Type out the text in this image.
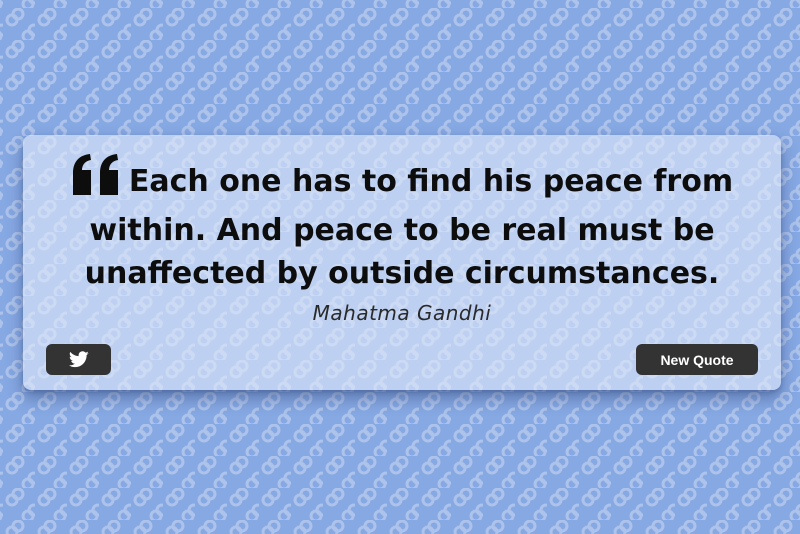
Each one has to find his peace from within. And peace to be real must be unaffected by outside circumstances.
Mahatma Gandhi
New Quote
